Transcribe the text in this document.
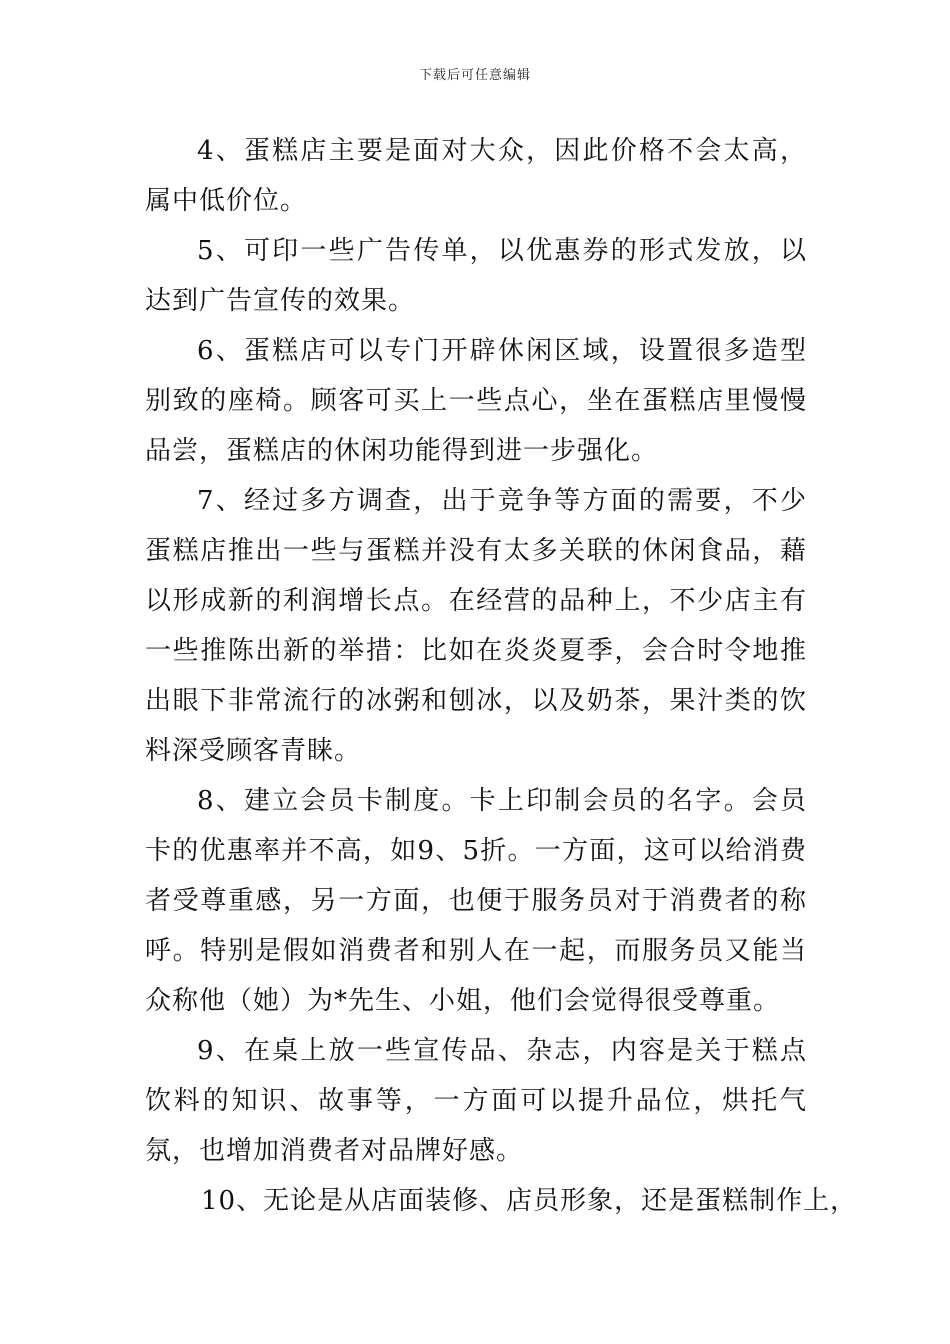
下载后可任意编辑

4、蛋糕店主要是面对大众，因此价格不会太高，属中低价位。

5、可印一些广告传单，以优惠券的形式发放，以达到广告宣传的效果。

6、蛋糕店可以专门开辟休闲区域，设置很多造型别致的座椅。顾客可买上一些点心，坐在蛋糕店里慢慢品尝，蛋糕店的休闲功能得到进一步强化。

7、经过多方调查，出于竞争等方面的需要，不少蛋糕店推出一些与蛋糕并没有太多关联的休闲食品，藉以形成新的利润增长点。在经营的品种上，不少店主有一些推陈出新的举措：比如在炎炎夏季，会合时令地推出眼下非常流行的冰粥和刨冰，以及奶茶，果汁类的饮料深受顾客青睐。

8、建立会员卡制度。卡上印制会员的名字。会员卡的优惠率并不高，如9、5折。一方面，这可以给消费者受尊重感，另一方面，也便于服务员对于消费者的称呼。特别是假如消费者和别人在一起，而服务员又能当众称他（她）为*先生、小姐，他们会觉得很受尊重。

9、在桌上放一些宣传品、杂志，内容是关于糕点饮料的知识、故事等，一方面可以提升品位，烘托气氛，也增加消费者对品牌好感。

10、无论是从店面装修、店员形象，还是蛋糕制作上，
